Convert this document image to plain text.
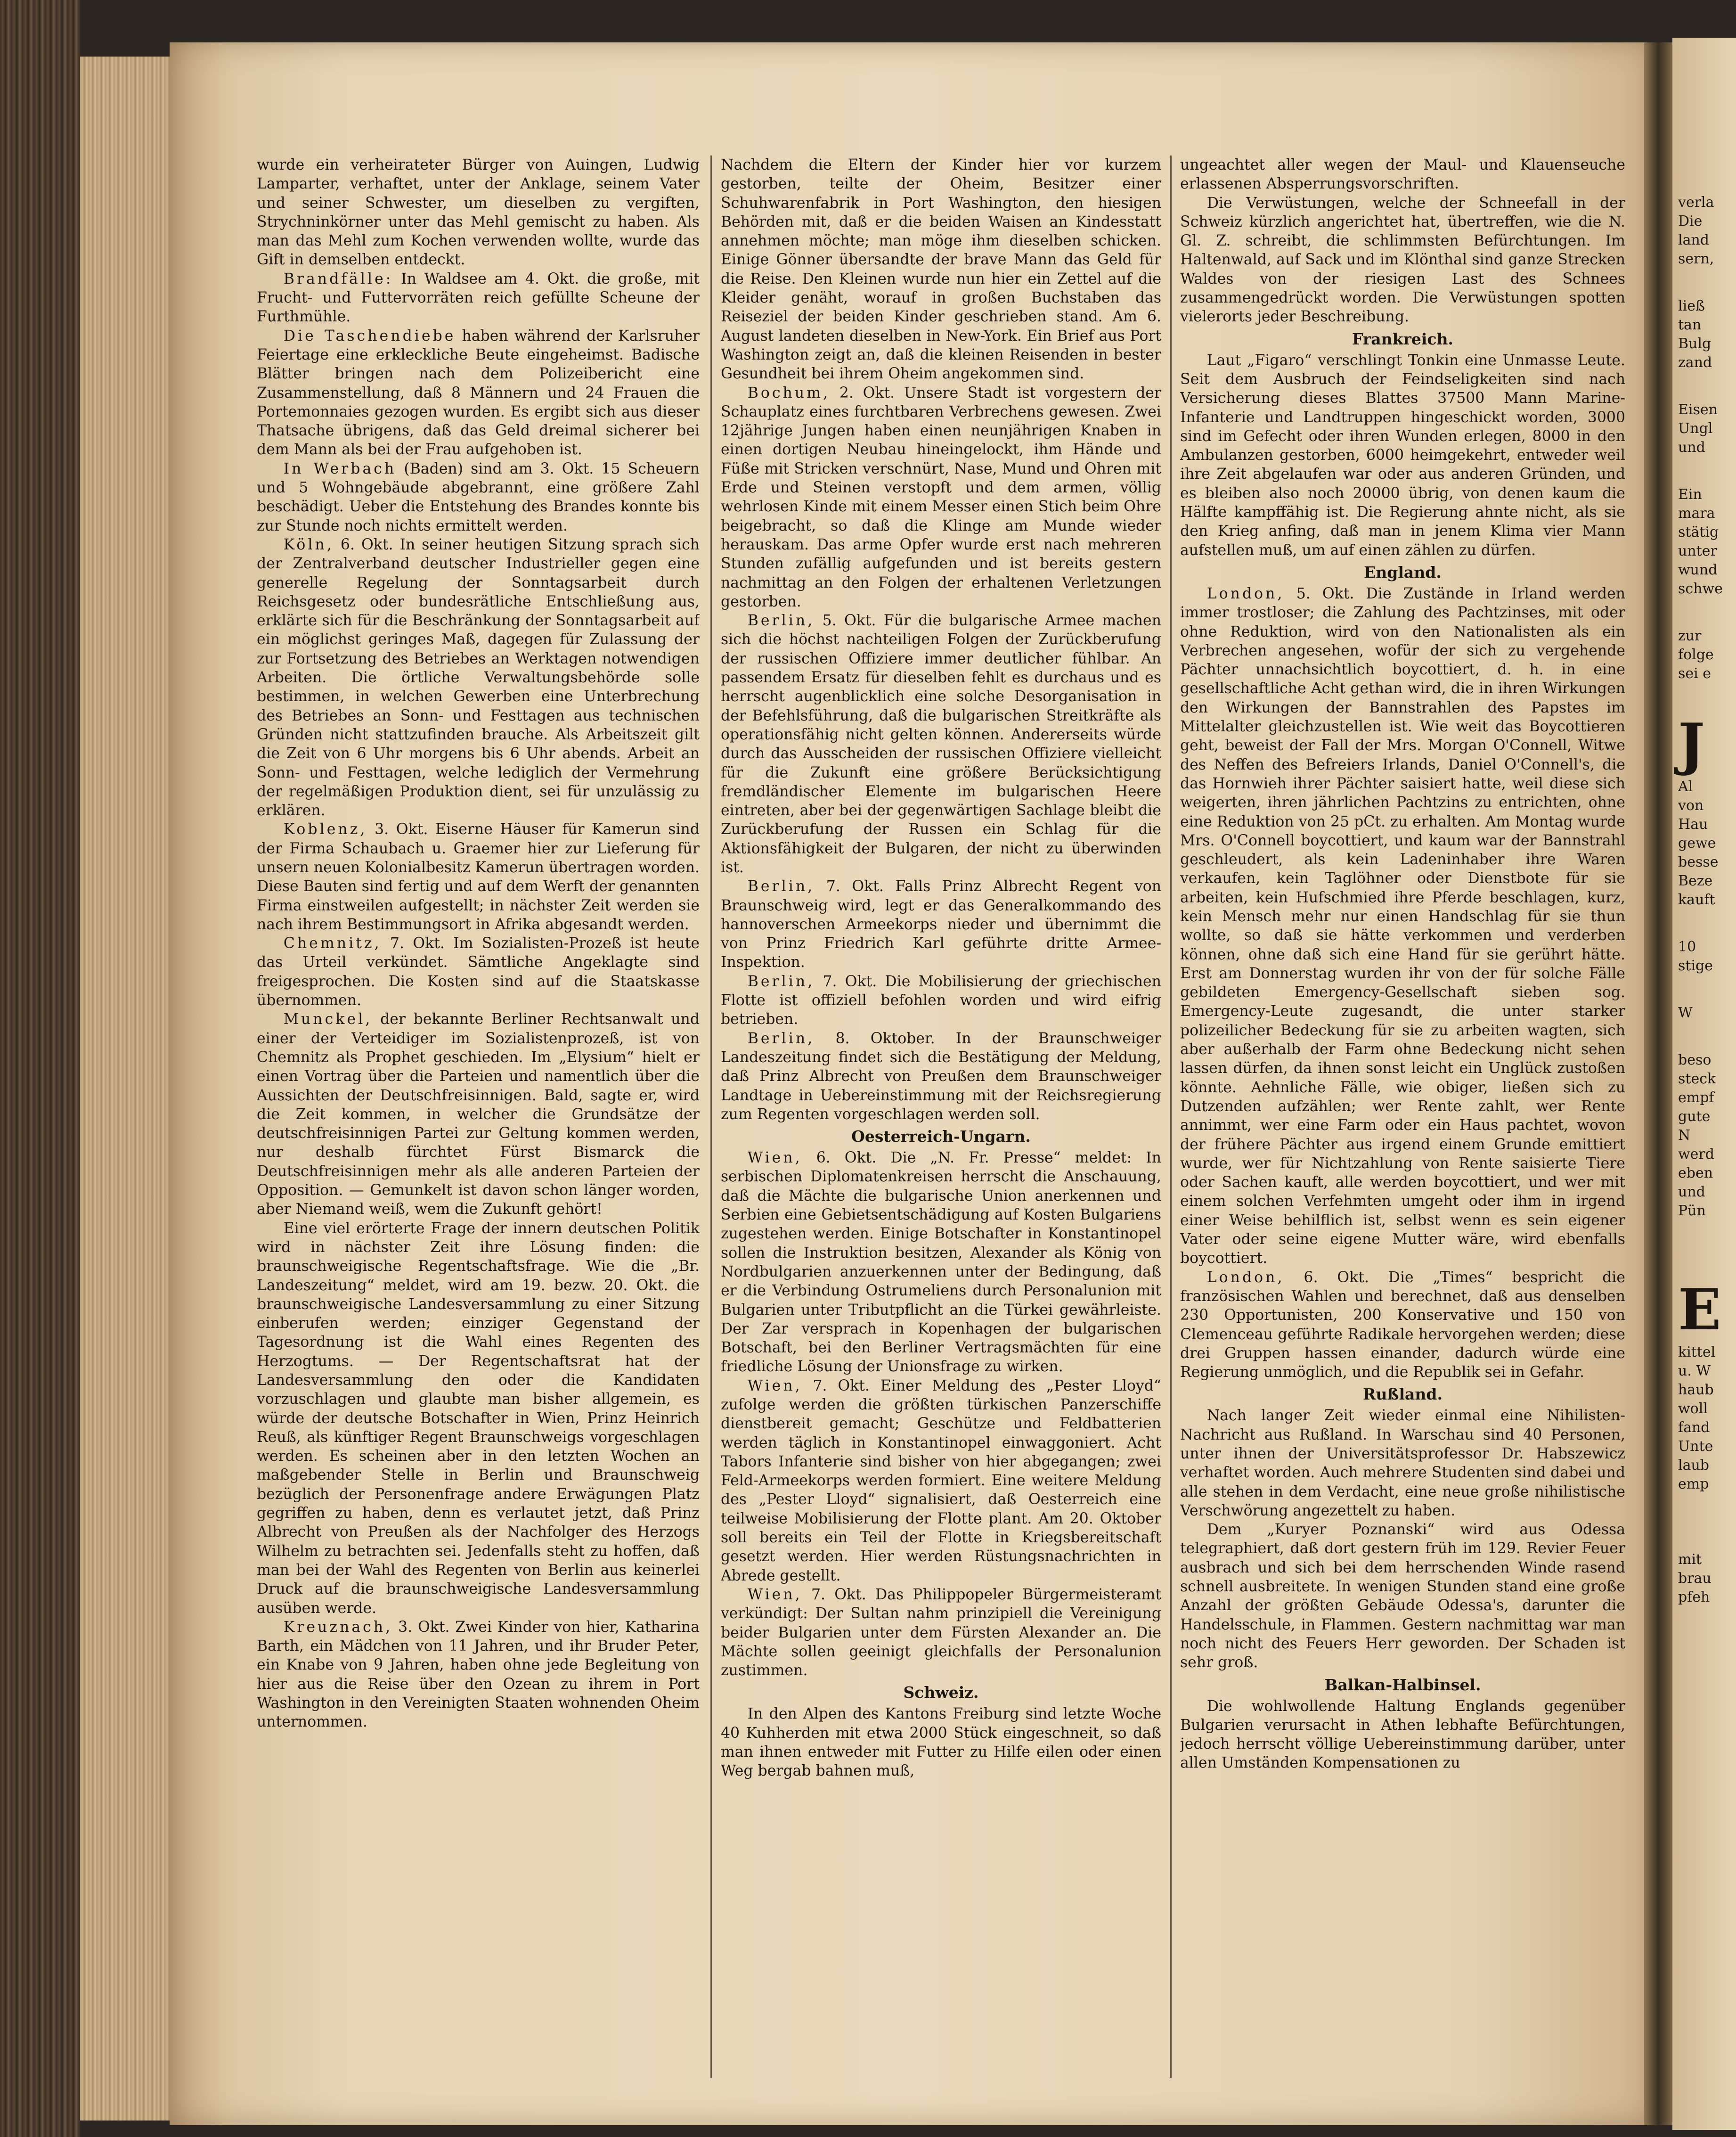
wurde ein verheirateter Bürger von Auingen, Ludwig Lamparter, verhaftet, unter der Anklage, seinem Vater und seiner Schwester, um dieselben zu vergiften, Strychninkörner unter das Mehl gemischt zu haben. Als man das Mehl zum Kochen verwenden wollte, wurde das Gift in demselben entdeckt.

Brandfälle: In Waldsee am 4. Okt. die große, mit Frucht- und Futtervorräten reich gefüllte Scheune der Furthmühle.

Die Taschendiebe haben während der Karlsruher Feiertage eine erkleckliche Beute eingeheimst. Badische Blätter bringen nach dem Polizeibericht eine Zusammenstellung, daß 8 Männern und 24 Frauen die Portemonnaies gezogen wurden. Es ergibt sich aus dieser Thatsache übrigens, daß das Geld dreimal sicherer bei dem Mann als bei der Frau aufgehoben ist.

In Werbach (Baden) sind am 3. Okt. 15 Scheuern und 5 Wohngebäude abgebrannt, eine größere Zahl beschädigt. Ueber die Entstehung des Brandes konnte bis zur Stunde noch nichts ermittelt werden.

Köln, 6. Okt. In seiner heutigen Sitzung sprach sich der Zentralverband deutscher Industrieller gegen eine generelle Regelung der Sonntagsarbeit durch Reichsgesetz oder bundesrätliche Entschließung aus, erklärte sich für die Beschränkung der Sonntagsarbeit auf ein möglichst geringes Maß, dagegen für Zulassung der zur Fortsetzung des Betriebes an Werktagen notwendigen Arbeiten. Die örtliche Verwaltungsbehörde solle bestimmen, in welchen Gewerben eine Unterbrechung des Betriebes an Sonn- und Festtagen aus technischen Gründen nicht stattzufinden brauche. Als Arbeitszeit gilt die Zeit von 6 Uhr morgens bis 6 Uhr abends. Arbeit an Sonn- und Festtagen, welche lediglich der Vermehrung der regelmäßigen Produktion dient, sei für unzulässig zu erklären.

Koblenz, 3. Okt. Eiserne Häuser für Kamerun sind der Firma Schaubach u. Graemer hier zur Lieferung für unsern neuen Kolonialbesitz Kamerun übertragen worden. Diese Bauten sind fertig und auf dem Werft der genannten Firma einstweilen aufgestellt; in nächster Zeit werden sie nach ihrem Bestimmungsort in Afrika abgesandt werden.

Chemnitz, 7. Okt. Im Sozialisten-Prozeß ist heute das Urteil verkündet. Sämtliche Angeklagte sind freigesprochen. Die Kosten sind auf die Staatskasse übernommen.

Munckel, der bekannte Berliner Rechtsanwalt und einer der Verteidiger im Sozialistenprozeß, ist von Chemnitz als Prophet geschieden. Im „Elysium“ hielt er einen Vortrag über die Parteien und namentlich über die Aussichten der Deutschfreisinnigen. Bald, sagte er, wird die Zeit kommen, in welcher die Grundsätze der deutschfreisinnigen Partei zur Geltung kommen werden, nur deshalb fürchtet Fürst Bismarck die Deutschfreisinnigen mehr als alle anderen Parteien der Opposition. — Gemunkelt ist davon schon länger worden, aber Niemand weiß, wem die Zukunft gehört!

Eine viel erörterte Frage der innern deutschen Politik wird in nächster Zeit ihre Lösung finden: die braunschweigische Regentschaftsfrage. Wie die „Br. Landeszeitung“ meldet, wird am 19. bezw. 20. Okt. die braunschweigische Landesversammlung zu einer Sitzung einberufen werden; einziger Gegenstand der Tagesordnung ist die Wahl eines Regenten des Herzogtums. — Der Regentschaftsrat hat der Landesversammlung den oder die Kandidaten vorzuschlagen und glaubte man bisher allgemein, es würde der deutsche Botschafter in Wien, Prinz Heinrich Reuß, als künftiger Regent Braunschweigs vorgeschlagen werden. Es scheinen aber in den letzten Wochen an maßgebender Stelle in Berlin und Braunschweig bezüglich der Personenfrage andere Erwägungen Platz gegriffen zu haben, denn es verlautet jetzt, daß Prinz Albrecht von Preußen als der Nachfolger des Herzogs Wilhelm zu betrachten sei. Jedenfalls steht zu hoffen, daß man bei der Wahl des Regenten von Berlin aus keinerlei Druck auf die braunschweigische Landesversammlung ausüben werde.

Kreuznach, 3. Okt. Zwei Kinder von hier, Katharina Barth, ein Mädchen von 11 Jahren, und ihr Bruder Peter, ein Knabe von 9 Jahren, haben ohne jede Begleitung von hier aus die Reise über den Ozean zu ihrem in Port Washington in den Vereinigten Staaten wohnenden Oheim unternommen.

Nachdem die Eltern der Kinder hier vor kurzem gestorben, teilte der Oheim, Besitzer einer Schuhwarenfabrik in Port Washington, den hiesigen Behörden mit, daß er die beiden Waisen an Kindesstatt annehmen möchte; man möge ihm dieselben schicken. Einige Gönner übersandte der brave Mann das Geld für die Reise. Den Kleinen wurde nun hier ein Zettel auf die Kleider genäht, worauf in großen Buchstaben das Reiseziel der beiden Kinder geschrieben stand. Am 6. August landeten dieselben in New-York. Ein Brief aus Port Washington zeigt an, daß die kleinen Reisenden in bester Gesundheit bei ihrem Oheim angekommen sind.

Bochum, 2. Okt. Unsere Stadt ist vorgestern der Schauplatz eines furchtbaren Verbrechens gewesen. Zwei 12jährige Jungen haben einen neunjährigen Knaben in einen dortigen Neubau hineingelockt, ihm Hände und Füße mit Stricken verschnürt, Nase, Mund und Ohren mit Erde und Steinen verstopft und dem armen, völlig wehrlosen Kinde mit einem Messer einen Stich beim Ohre beigebracht, so daß die Klinge am Munde wieder herauskam. Das arme Opfer wurde erst nach mehreren Stunden zufällig aufgefunden und ist bereits gestern nachmittag an den Folgen der erhaltenen Verletzungen gestorben.

Berlin, 5. Okt. Für die bulgarische Armee machen sich die höchst nachteiligen Folgen der Zurückberufung der russischen Offiziere immer deutlicher fühlbar. An passendem Ersatz für dieselben fehlt es durchaus und es herrscht augenblicklich eine solche Desorganisation in der Befehlsführung, daß die bulgarischen Streitkräfte als operationsfähig nicht gelten können. Andererseits würde durch das Ausscheiden der russischen Offiziere vielleicht für die Zukunft eine größere Berücksichtigung fremdländischer Elemente im bulgarischen Heere eintreten, aber bei der gegenwärtigen Sachlage bleibt die Zurückberufung der Russen ein Schlag für die Aktionsfähigkeit der Bulgaren, der nicht zu überwinden ist.

Berlin, 7. Okt. Falls Prinz Albrecht Regent von Braunschweig wird, legt er das Generalkommando des hannoverschen Armeekorps nieder und übernimmt die von Prinz Friedrich Karl geführte dritte Armee-Inspektion.

Berlin, 7. Okt. Die Mobilisierung der griechischen Flotte ist offiziell befohlen worden und wird eifrig betrieben.

Berlin, 8. Oktober. In der Braunschweiger Landeszeitung findet sich die Bestätigung der Meldung, daß Prinz Albrecht von Preußen dem Braunschweiger Landtage in Uebereinstimmung mit der Reichsregierung zum Regenten vorgeschlagen werden soll.

Oesterreich-Ungarn.

Wien, 6. Okt. Die „N. Fr. Presse“ meldet: In serbischen Diplomatenkreisen herrscht die Anschauung, daß die Mächte die bulgarische Union anerkennen und Serbien eine Gebietsentschädigung auf Kosten Bulgariens zugestehen werden. Einige Botschafter in Konstantinopel sollen die Instruktion besitzen, Alexander als König von Nordbulgarien anzuerkennen unter der Bedingung, daß er die Verbindung Ostrumeliens durch Personalunion mit Bulgarien unter Tributpflicht an die Türkei gewährleiste. Der Zar versprach in Kopenhagen der bulgarischen Botschaft, bei den Berliner Vertragsmächten für eine friedliche Lösung der Unionsfrage zu wirken.

Wien, 7. Okt. Einer Meldung des „Pester Lloyd“ zufolge werden die größten türkischen Panzerschiffe dienstbereit gemacht; Geschütze und Feldbatterien werden täglich in Konstantinopel einwaggoniert. Acht Tabors Infanterie sind bisher von hier abgegangen; zwei Feld-Armeekorps werden formiert. Eine weitere Meldung des „Pester Lloyd“ signalisiert, daß Oesterreich eine teilweise Mobilisierung der Flotte plant. Am 20. Oktober soll bereits ein Teil der Flotte in Kriegsbereitschaft gesetzt werden. Hier werden Rüstungsnachrichten in Abrede gestellt.

Wien, 7. Okt. Das Philippopeler Bürgermeisteramt verkündigt: Der Sultan nahm prinzipiell die Vereinigung beider Bulgarien unter dem Fürsten Alexander an. Die Mächte sollen geeinigt gleichfalls der Personalunion zustimmen.

Schweiz.

In den Alpen des Kantons Freiburg sind letzte Woche 40 Kuhherden mit etwa 2000 Stück eingeschneit, so daß man ihnen entweder mit Futter zu Hilfe eilen oder einen Weg bergab bahnen muß,

ungeachtet aller wegen der Maul- und Klauenseuche erlassenen Absperrungsvorschriften.

Die Verwüstungen, welche der Schneefall in der Schweiz kürzlich angerichtet hat, übertreffen, wie die N. Gl. Z. schreibt, die schlimmsten Befürchtungen. Im Haltenwald, auf Sack und im Klönthal sind ganze Strecken Waldes von der riesigen Last des Schnees zusammengedrückt worden. Die Verwüstungen spotten vielerorts jeder Beschreibung.

Frankreich.

Laut „Figaro“ verschlingt Tonkin eine Unmasse Leute. Seit dem Ausbruch der Feindseligkeiten sind nach Versicherung dieses Blattes 37500 Mann Marine-Infanterie und Landtruppen hingeschickt worden, 3000 sind im Gefecht oder ihren Wunden erlegen, 8000 in den Ambulanzen gestorben, 6000 heimgekehrt, entweder weil ihre Zeit abgelaufen war oder aus anderen Gründen, und es bleiben also noch 20000 übrig, von denen kaum die Hälfte kampffähig ist. Die Regierung ahnte nicht, als sie den Krieg anfing, daß man in jenem Klima vier Mann aufstellen muß, um auf einen zählen zu dürfen.

England.

London, 5. Okt. Die Zustände in Irland werden immer trostloser; die Zahlung des Pachtzinses, mit oder ohne Reduktion, wird von den Nationalisten als ein Verbrechen angesehen, wofür der sich zu vergehende Pächter unnachsichtlich boycottiert, d. h. in eine gesellschaftliche Acht gethan wird, die in ihren Wirkungen den Wirkungen der Bannstrahlen des Papstes im Mittelalter gleichzustellen ist. Wie weit das Boycottieren geht, beweist der Fall der Mrs. Morgan O'Connell, Witwe des Neffen des Befreiers Irlands, Daniel O'Connell's, die das Hornwieh ihrer Pächter saisiert hatte, weil diese sich weigerten, ihren jährlichen Pachtzins zu entrichten, ohne eine Reduktion von 25 pCt. zu erhalten. Am Montag wurde Mrs. O'Connell boycottiert, und kaum war der Bannstrahl geschleudert, als kein Ladeninhaber ihre Waren verkaufen, kein Taglöhner oder Dienstbote für sie arbeiten, kein Hufschmied ihre Pferde beschlagen, kurz, kein Mensch mehr nur einen Handschlag für sie thun wollte, so daß sie hätte verkommen und verderben können, ohne daß sich eine Hand für sie gerührt hätte. Erst am Donnerstag wurden ihr von der für solche Fälle gebildeten Emergency-Gesellschaft sieben sog. Emergency-Leute zugesandt, die unter starker polizeilicher Bedeckung für sie zu arbeiten wagten, sich aber außerhalb der Farm ohne Bedeckung nicht sehen lassen dürfen, da ihnen sonst leicht ein Unglück zustoßen könnte. Aehnliche Fälle, wie obiger, ließen sich zu Dutzenden aufzählen; wer Rente zahlt, wer Rente annimmt, wer eine Farm oder ein Haus pachtet, wovon der frühere Pächter aus irgend einem Grunde emittiert wurde, wer für Nichtzahlung von Rente saisierte Tiere oder Sachen kauft, alle werden boycottiert, und wer mit einem solchen Verfehmten umgeht oder ihm in irgend einer Weise behilflich ist, selbst wenn es sein eigener Vater oder seine eigene Mutter wäre, wird ebenfalls boycottiert.

London, 6. Okt. Die „Times“ bespricht die französischen Wahlen und berechnet, daß aus denselben 230 Opportunisten, 200 Konservative und 150 von Clemenceau geführte Radikale hervorgehen werden; diese drei Gruppen hassen einander, dadurch würde eine Regierung unmöglich, und die Republik sei in Gefahr.

Rußland.

Nach langer Zeit wieder einmal eine Nihilisten-Nachricht aus Rußland. In Warschau sind 40 Personen, unter ihnen der Universitätsprofessor Dr. Habszewicz verhaftet worden. Auch mehrere Studenten sind dabei und alle stehen in dem Verdacht, eine neue große nihilistische Verschwörung angezettelt zu haben.

Dem „Kuryer Poznanski“ wird aus Odessa telegraphiert, daß dort gestern früh im 129. Revier Feuer ausbrach und sich bei dem herrschenden Winde rasend schnell ausbreitete. In wenigen Stunden stand eine große Anzahl der größten Gebäude Odessa's, darunter die Handelsschule, in Flammen. Gestern nachmittag war man noch nicht des Feuers Herr geworden. Der Schaden ist sehr groß.

Balkan-Halbinsel.

Die wohlwollende Haltung Englands gegenüber Bulgarien verursacht in Athen lebhafte Befürchtungen, jedoch herrscht völlige Uebereinstimmung darüber, unter allen Umständen Kompensationen zu

verla
Die
land
sern,
ließ
tan
Bulg
zand
Eisen
Ungl
und
Ein
mara
stätig
unter
wund
schwe
zur
folge
sei e
J
Al
von
Hau
gewe
besse
Beze
kauft
10
stige
W
beso
steck
empf
gute
N
werd
eben
und
Pün
E
kittel
u. W
haub
woll
fand
Unte
laub
emp
mit
brau
pfeh
